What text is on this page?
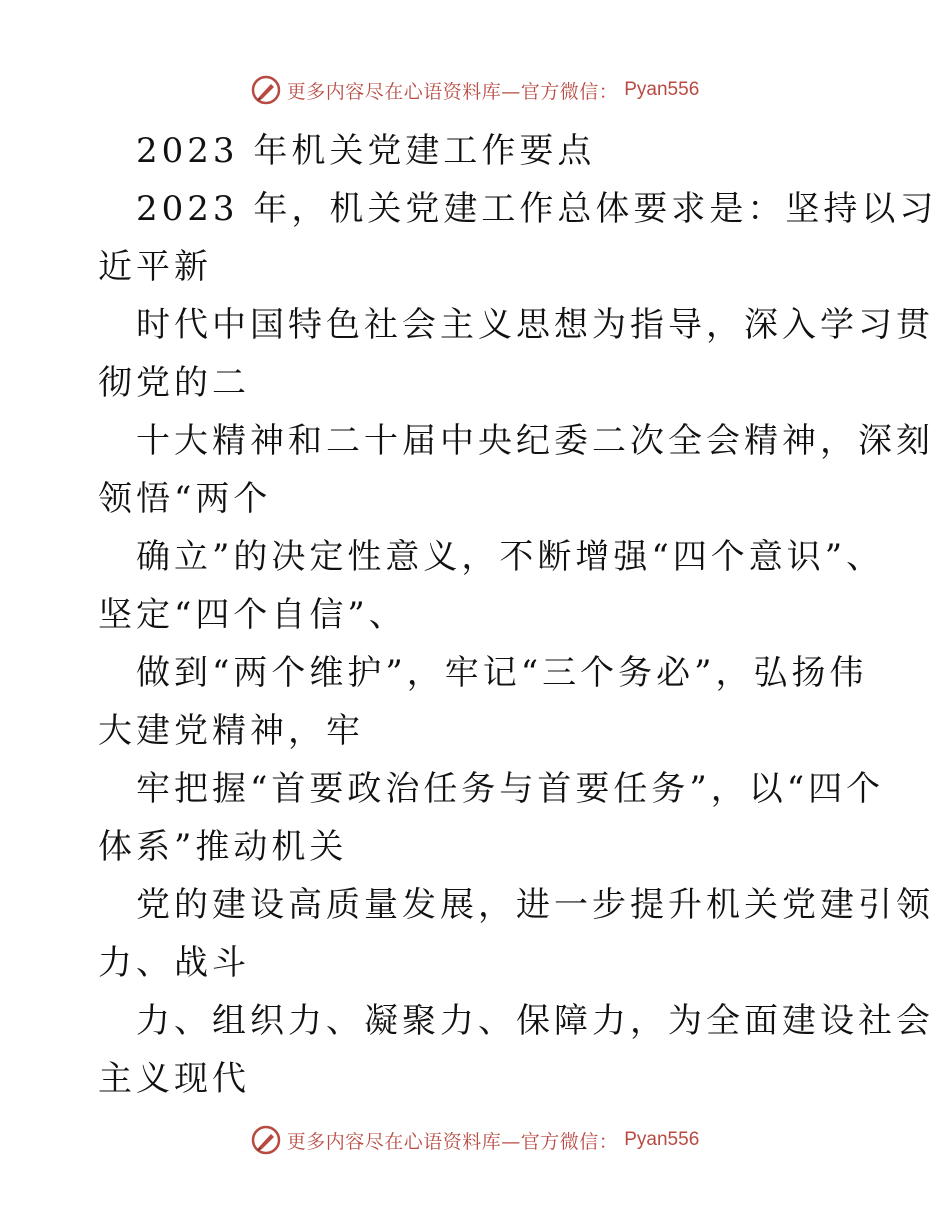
更多内容尽在心语资料库—官方微信： Pyan556
2023 年机关党建工作要点
2023 年，机关党建工作总体要求是：坚持以习
近平新
时代中国特色社会主义思想为指导，深入学习贯
彻党的二
十大精神和二十届中央纪委二次全会精神，深刻
领悟“两个
确立”的决定性意义，不断增强“四个意识”、
坚定“四个自信”、
做到“两个维护”，牢记“三个务必”，弘扬伟
大建党精神，牢
牢把握“首要政治任务与首要任务”，以“四个
体系”推动机关
党的建设高质量发展，进一步提升机关党建引领
力、战斗
力、组织力、凝聚力、保障力，为全面建设社会
主义现代
更多内容尽在心语资料库—官方微信： Pyan556
